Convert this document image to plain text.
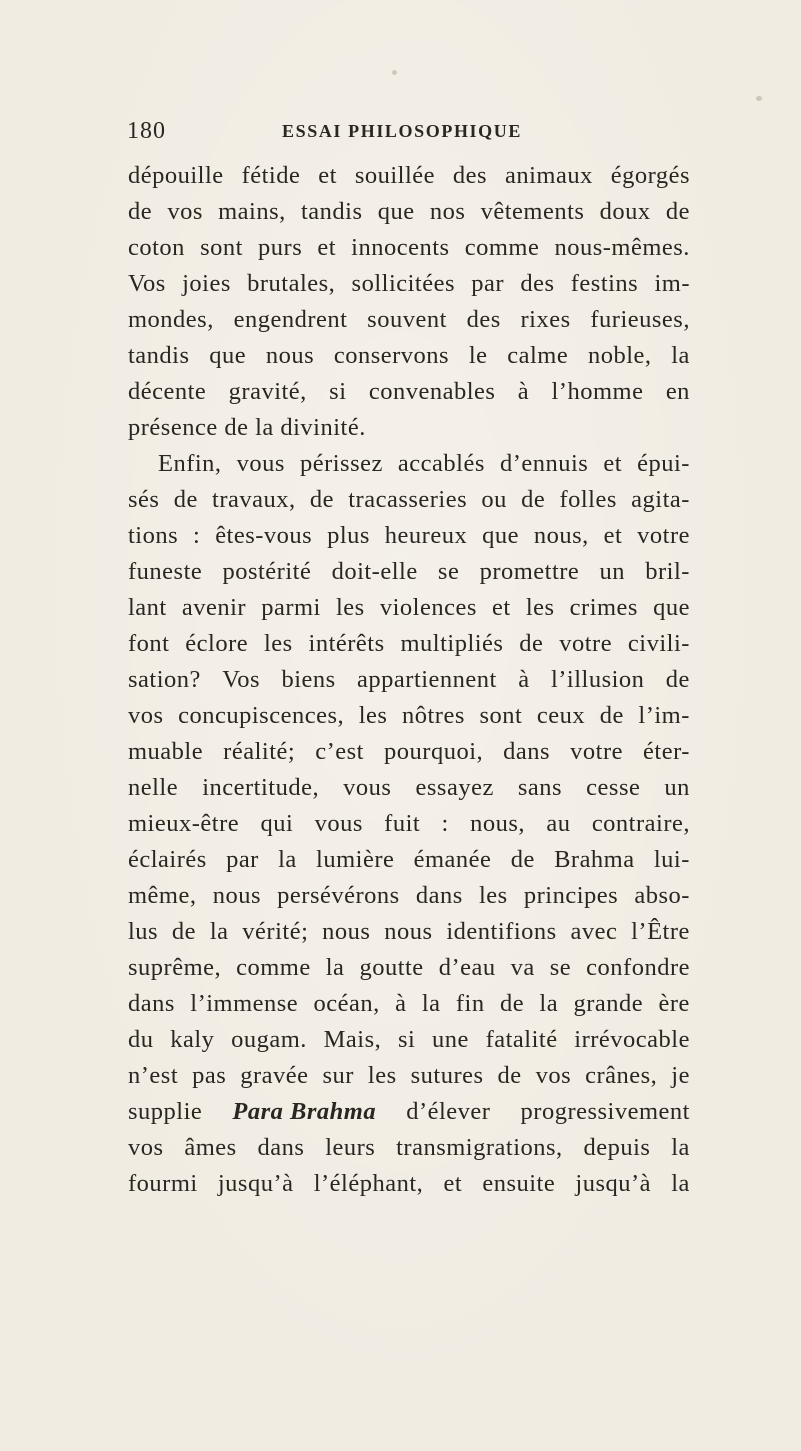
180	ESSAI PHILOSOPHIQUE
dépouille fétide et souillée des animaux égorgés
de vos mains, tandis que nos vêtements doux de
coton sont purs et innocents comme nous-mêmes.
Vos joies brutales, sollicitées par des festins im-
mondes, engendrent souvent des rixes furieuses,
tandis que nous conservons le calme noble, la
décente gravité, si convenables à l’homme en
présence de la divinité.
Enfin, vous périssez accablés d’ennuis et épui-
sés de travaux, de tracasseries ou de folles agita-
tions : êtes-vous plus heureux que nous, et votre
funeste postérité doit-elle se promettre un bril-
lant avenir parmi les violences et les crimes que
font éclore les intérêts multipliés de votre civili-
sation? Vos biens appartiennent à l’illusion de
vos concupiscences, les nôtres sont ceux de l’im-
muable réalité; c’est pourquoi, dans votre éter-
nelle incertitude, vous essayez sans cesse un
mieux-être qui vous fuit : nous, au contraire,
éclairés par la lumière émanée de Brahma lui-
même, nous persévérons dans les principes abso-
lus de la vérité; nous nous identifions avec l’Être
suprême, comme la goutte d’eau va se confondre
dans l’immense océan, à la fin de la grande ère
du kaly ougam. Mais, si une fatalité irrévocable
n’est pas gravée sur les sutures de vos crânes, je
supplie Para Brahma d’élever progressivement
vos âmes dans leurs transmigrations, depuis la
fourmi jusqu’à l’éléphant, et ensuite jusqu’à la
